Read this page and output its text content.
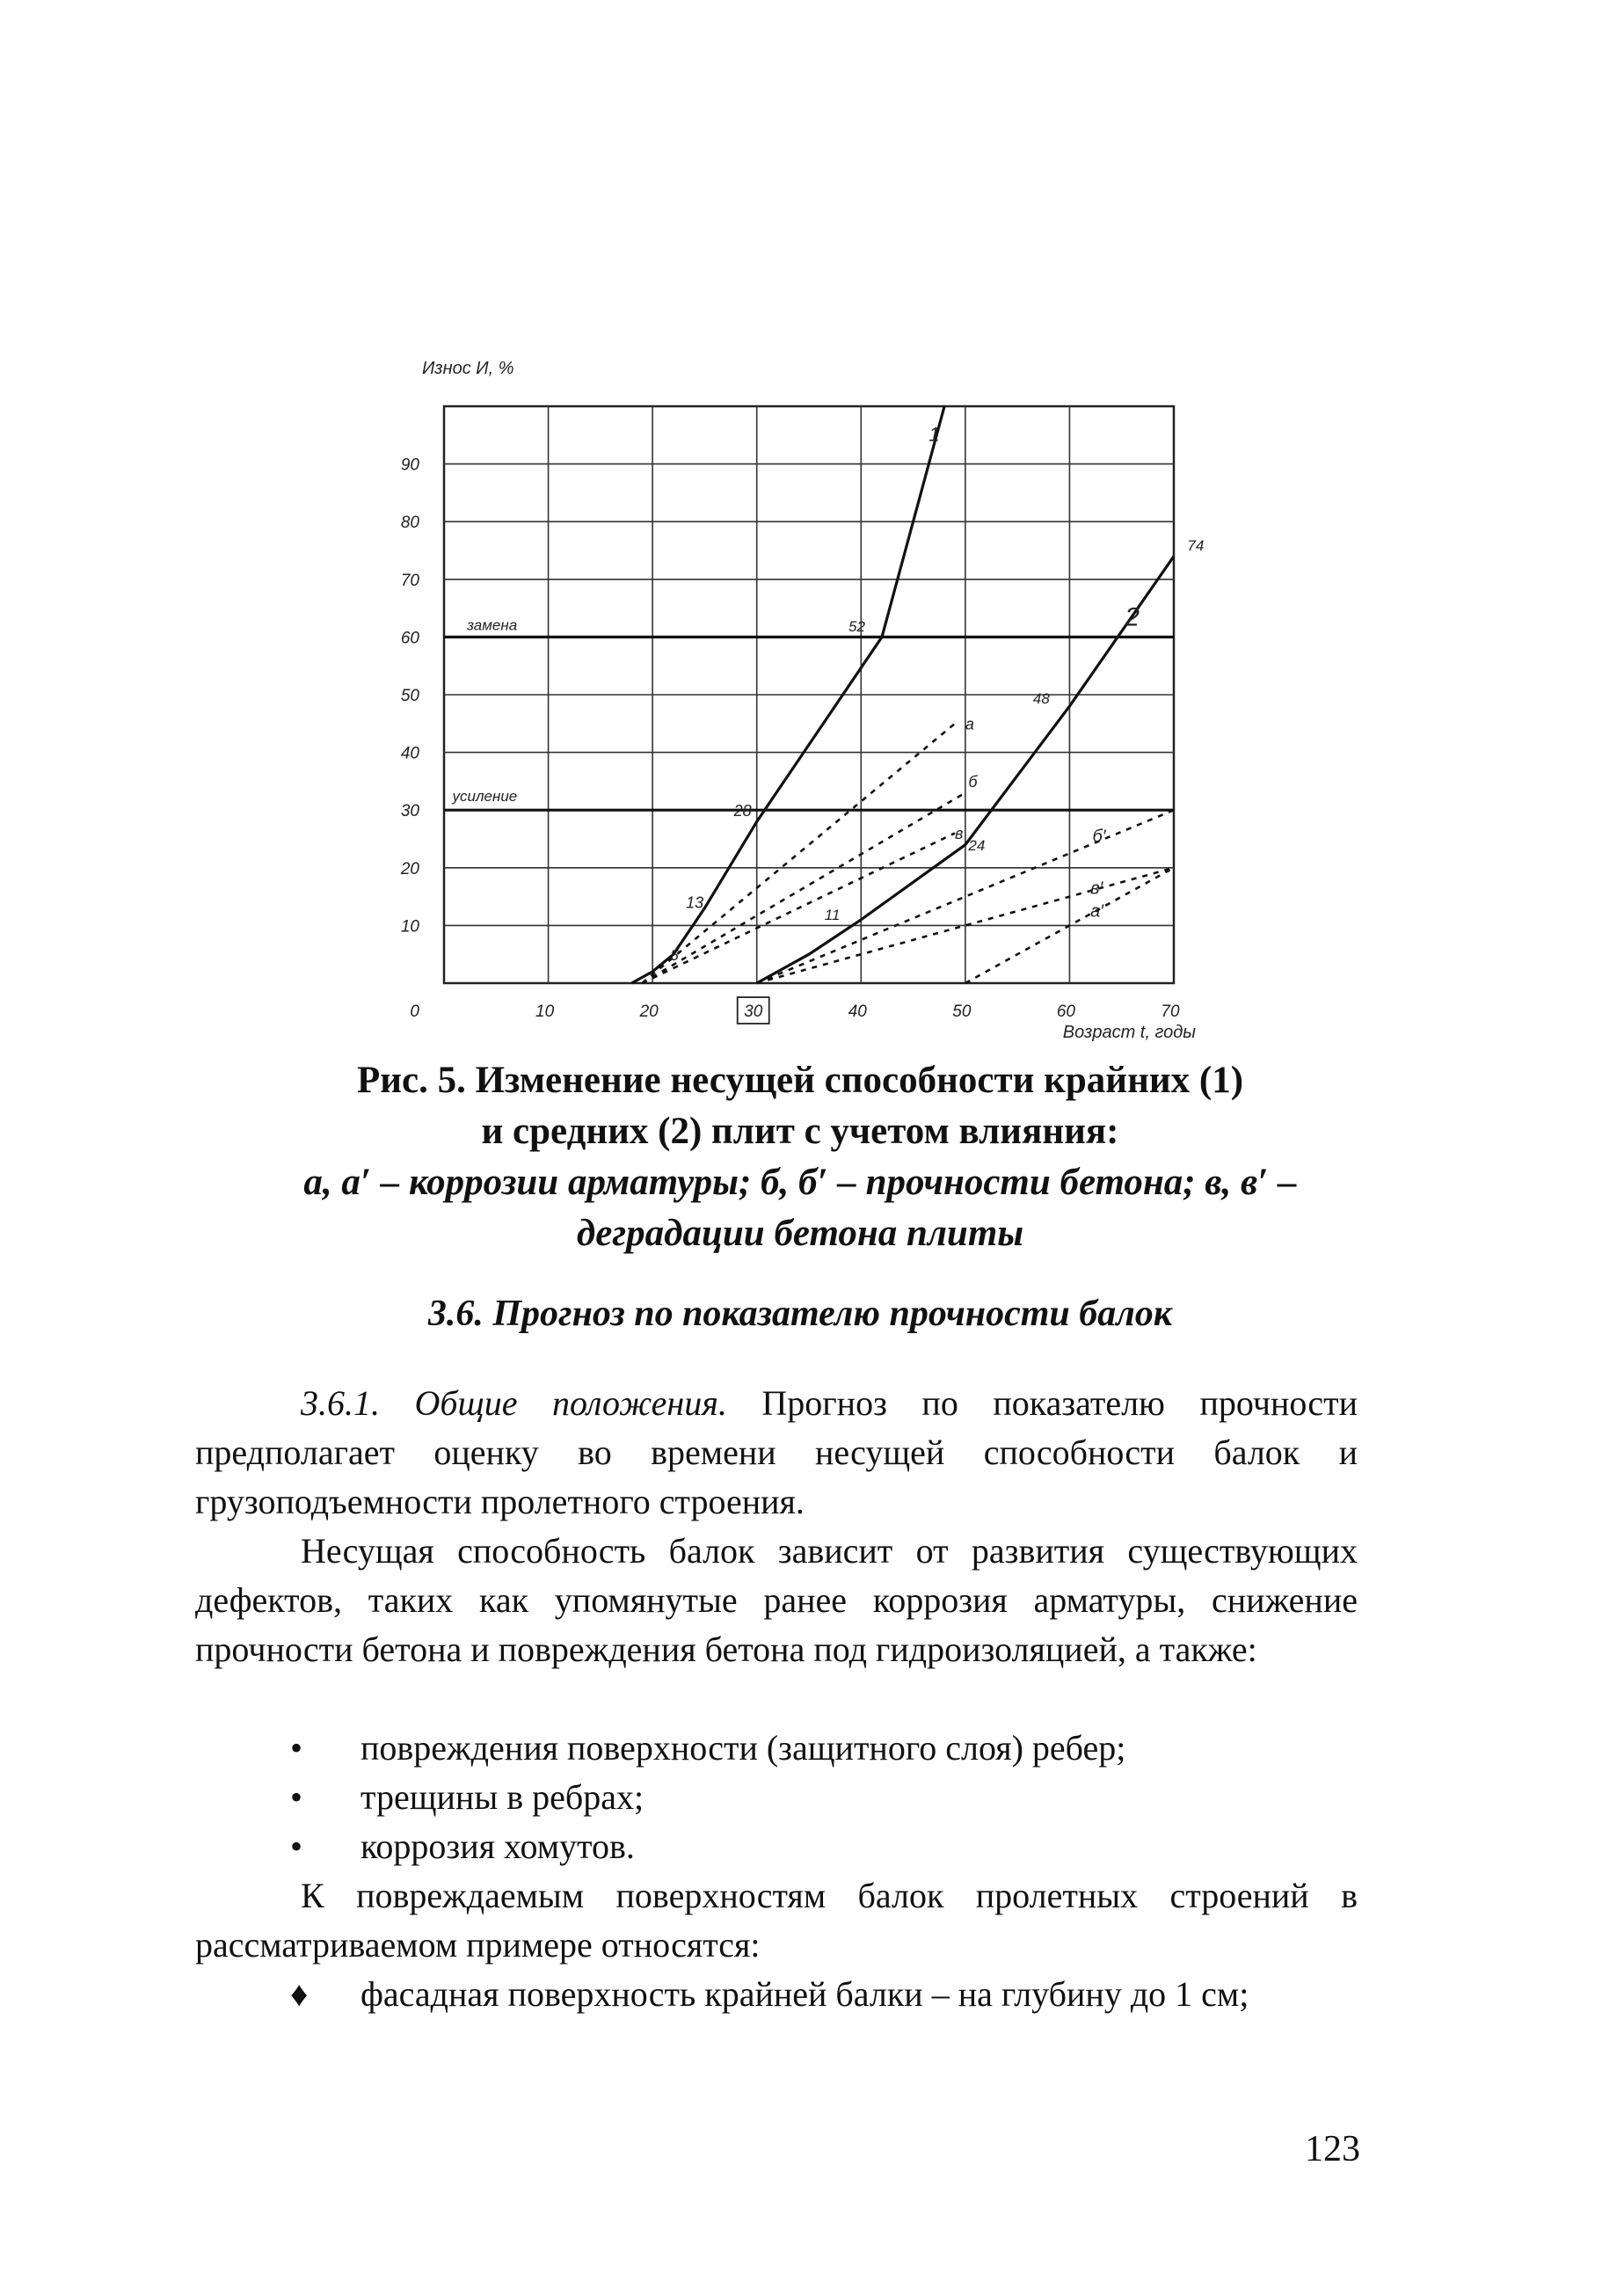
0
10
20
30
40
50
60
70
80
90
10	20	30	40	50	60	70
замена
усиление
1
2
5
13
28
52
11
24
48
74
а
б
в	б′
в′
а′
Износ И, %
Возраст t, годы
Рис. 5. Изменение несущей способности крайних (1)
и средних (2) плит с учетом влияния:
а, а′ – коррозии арматуры; б, б′ – прочности бетона; в, в′ –
деградации бетона плиты
3.6. Прогноз по показателю прочности балок

3.6.1. Общие положения. Прогноз по показателю прочности предполагает оценку во времени несущей способности балок и грузоподъемности пролетного строения.

Несущая способность балок зависит от развития существующих дефектов, таких как упомянутые ранее коррозия арматуры, снижение прочности бетона и повреждения бетона под гидроизоляцией, а также:

• повреждения поверхности (защитного слоя) ребер;
• трещины в ребрах;
• коррозия хомутов.

К повреждаемым поверхностям балок пролетных строений в рассматриваемом примере относятся:

♦	фасадная поверхность крайней балки – на глубину до 1 см;
123
